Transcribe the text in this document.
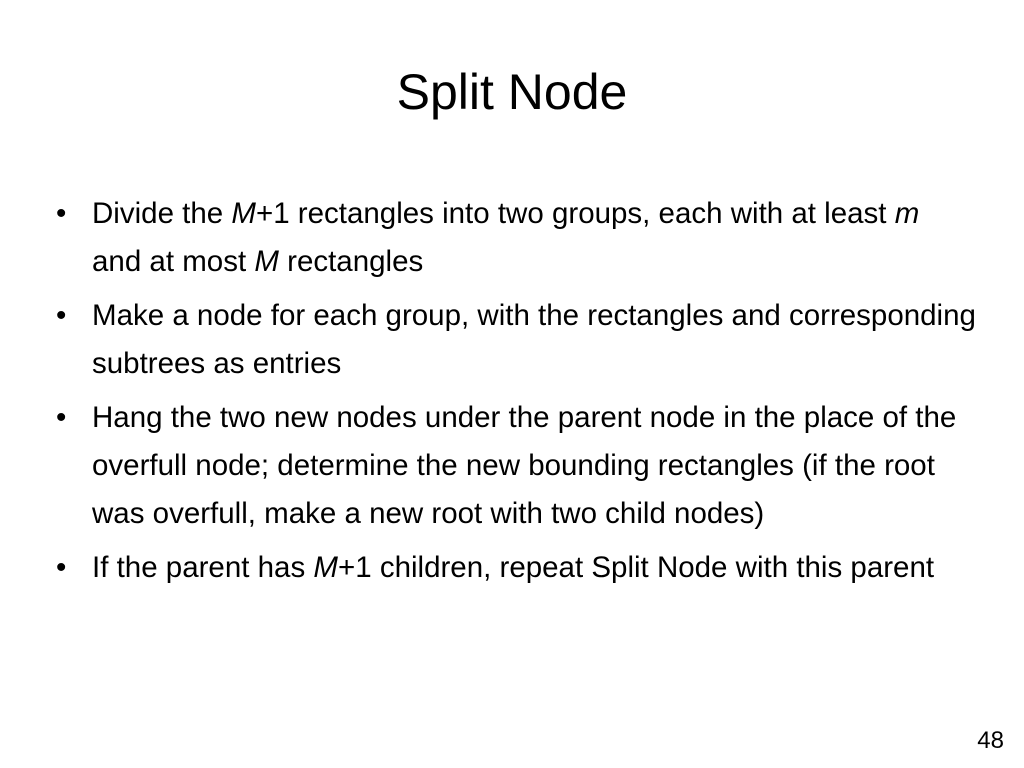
Split Node
• Divide the M+1 rectangles into two groups, each with at least m and at most M rectangles
• Make a node for each group, with the rectangles and corresponding subtrees as entries
• Hang the two new nodes under the parent node in the place of the overfull node; determine the new bounding rectangles (if the root was overfull, make a new root with two child nodes)
• If the parent has M+1 children, repeat Split Node with this parent
48
